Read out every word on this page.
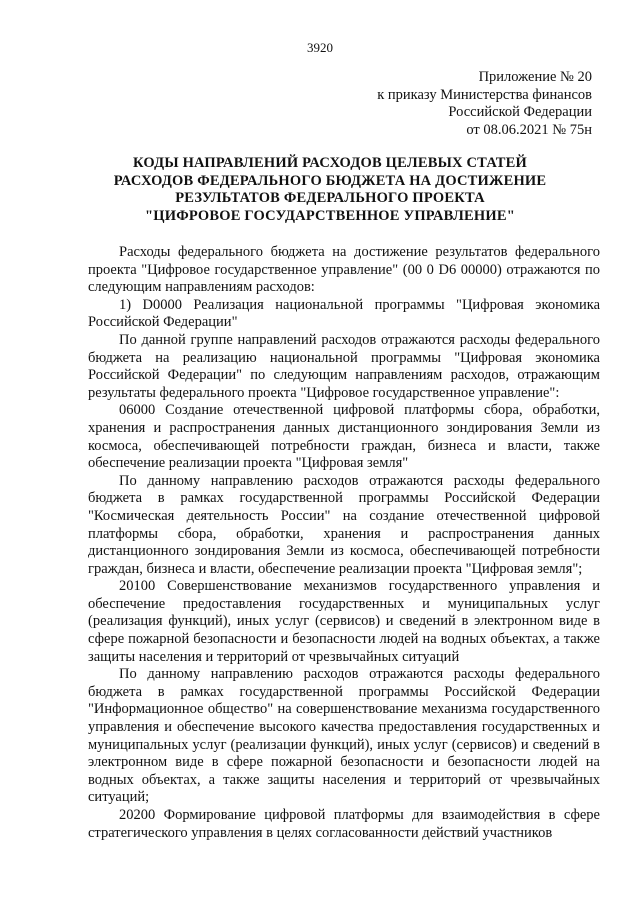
3920
Приложение № 20
к приказу Министерства финансов
Российской Федерации
от 08.06.2021 № 75н
КОДЫ НАПРАВЛЕНИЙ РАСХОДОВ ЦЕЛЕВЫХ СТАТЕЙ
РАСХОДОВ ФЕДЕРАЛЬНОГО БЮДЖЕТА НА ДОСТИЖЕНИЕ
РЕЗУЛЬТАТОВ ФЕДЕРАЛЬНОГО ПРОЕКТА
"ЦИФРОВОЕ ГОСУДАРСТВЕННОЕ УПРАВЛЕНИЕ"

Расходы федерального бюджета на достижение результатов федерального проекта "Цифровое государственное управление" (00 0 D6 00000) отражаются по следующим направлениям расходов:

1) D0000 Реализация национальной программы "Цифровая экономика Российской Федерации"

По данной группе направлений расходов отражаются расходы федерального бюджета на реализацию национальной программы "Цифровая экономика Российской Федерации" по следующим направлениям расходов, отражающим результаты федерального проекта "Цифровое государственное управление":

06000 Создание отечественной цифровой платформы сбора, обработки, хранения и распространения данных дистанционного зондирования Земли из космоса, обеспечивающей потребности граждан, бизнеса и власти, также обеспечение реализации проекта "Цифровая земля"

По данному направлению расходов отражаются расходы федерального бюджета в рамках государственной программы Российской Федерации "Космическая деятельность России" на создание отечественной цифровой платформы сбора, обработки, хранения и распространения данных дистанционного зондирования Земли из космоса, обеспечивающей потребности граждан, бизнеса и власти, обеспечение реализации проекта "Цифровая земля";

20100 Совершенствование механизмов государственного управления и обеспечение предоставления государственных и муниципальных услуг (реализация функций), иных услуг (сервисов) и сведений в электронном виде в сфере пожарной безопасности и безопасности людей на водных объектах, а также защиты населения и территорий от чрезвычайных ситуаций

По данному направлению расходов отражаются расходы федерального бюджета в рамках государственной программы Российской Федерации "Информационное общество" на совершенствование механизма государственного управления и обеспечение высокого качества предоставления государственных и муниципальных услуг (реализации функций), иных услуг (сервисов) и сведений в электронном виде в сфере пожарной безопасности и безопасности людей на водных объектах, а также защиты населения и территорий от чрезвычайных ситуаций;

20200 Формирование цифровой платформы для взаимодействия в сфере стратегического управления в целях согласованности действий участников
